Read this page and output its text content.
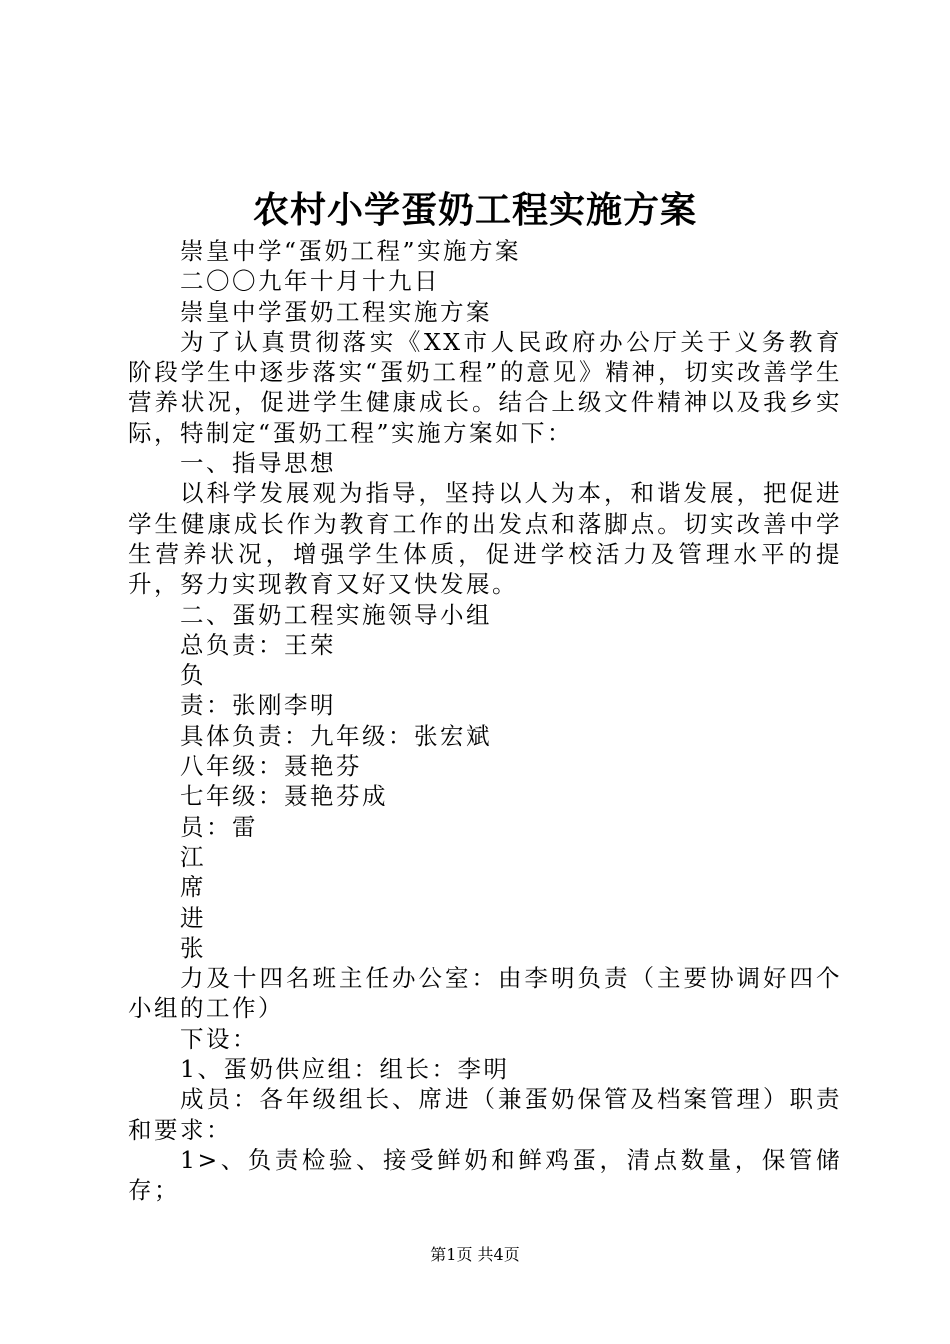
农村小学蛋奶工程实施方案

崇皇中学“蛋奶工程”实施方案

二〇〇九年十月十九日

崇皇中学蛋奶工程实施方案

为了认真贯彻落实《XX市人民政府办公厅关于义务教育阶段学生中逐步落实“蛋奶工程”的意见》精神，切实改善学生营养状况，促进学生健康成长。结合上级文件精神以及我乡实际，特制定“蛋奶工程”实施方案如下：

一、指导思想

以科学发展观为指导，坚持以人为本，和谐发展，把促进学生健康成长作为教育工作的出发点和落脚点。切实改善中学生营养状况，增强学生体质，促进学校活力及管理水平的提升，努力实现教育又好又快发展。

二、蛋奶工程实施领导小组

总负责：王荣

负

责：张刚李明

具体负责：九年级：张宏斌

八年级：聂艳芬

七年级：聂艳芬成

员：雷

江

席

进

张

力及十四名班主任办公室：由李明负责（主要协调好四个小组的工作）

下设：

1、蛋奶供应组：组长：李明

成员：各年级组长、席进（兼蛋奶保管及档案管理）职责和要求：

1>、负责检验、接受鲜奶和鲜鸡蛋，清点数量，保管储存；

第1页 共4页
